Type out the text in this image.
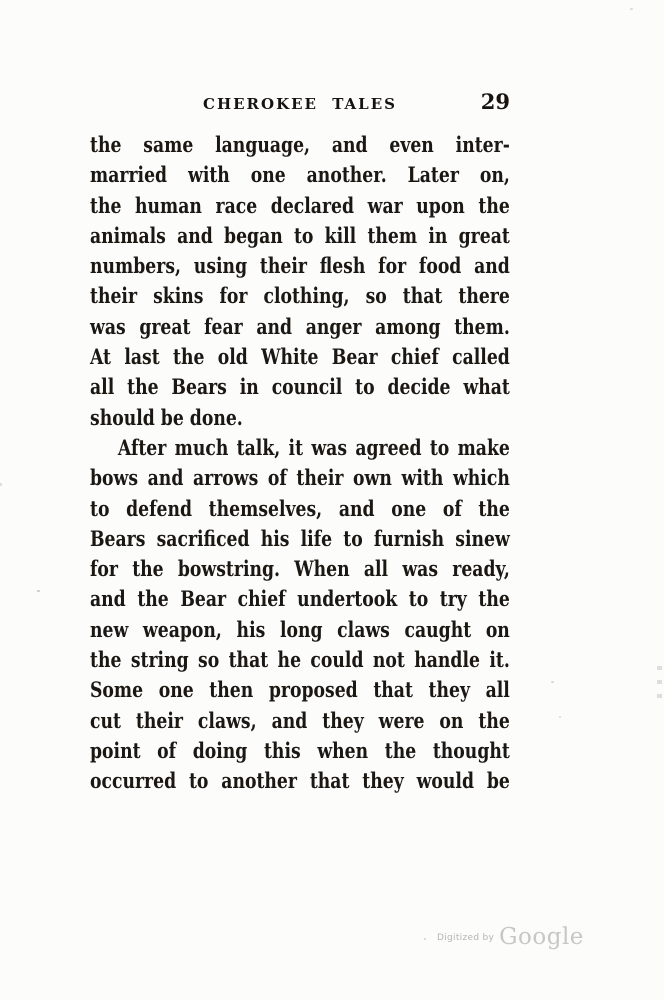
CHEROKEE TALES	29
the same language, and even inter-
married with one another. Later on,
the human race declared war upon the
animals and began to kill them in great
numbers, using their flesh for food and
their skins for clothing, so that there
was great fear and anger among them.
At last the old White Bear chief called
all the Bears in council to decide what
should be done.
After much talk, it was agreed to make
bows and arrows of their own with which
to defend themselves, and one of the
Bears sacrificed his life to furnish sinew
for the bowstring. When all was ready,
and the Bear chief undertook to try the
new weapon, his long claws caught on
the string so that he could not handle it.
Some one then proposed that they all
cut their claws, and they were on the
point of doing this when the thought
occurred to another that they would be
$^{Digitized by}$ Google
